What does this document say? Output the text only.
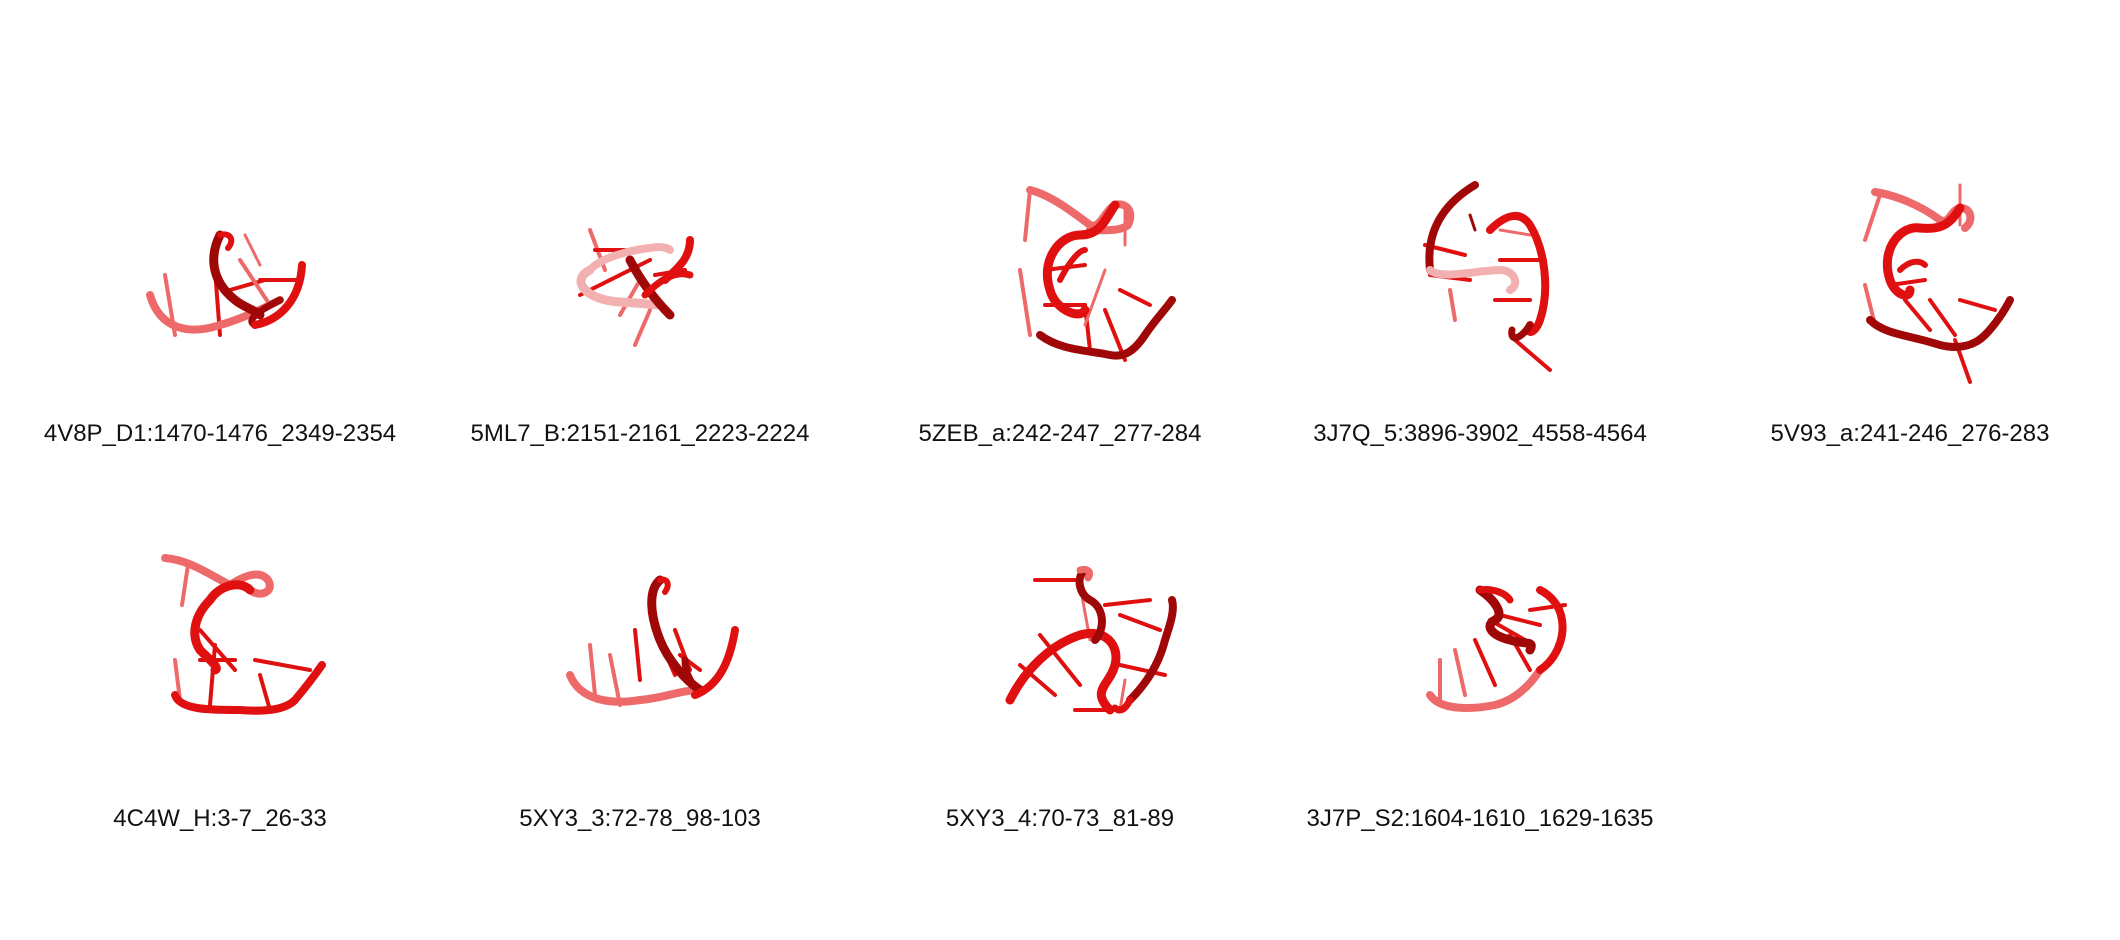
4V8P_D1:1470-1476_2349-2354	5ML7_B:2151-2161_2223-2224	5ZEB_a:242-247_277-284	3J7Q_5:3896-3902_4558-4564	5V93_a:241-246_276-283
4C4W_H:3-7_26-33	5XY3_3:72-78_98-103	5XY3_4:70-73_81-89	3J7P_S2:1604-1610_1629-1635
